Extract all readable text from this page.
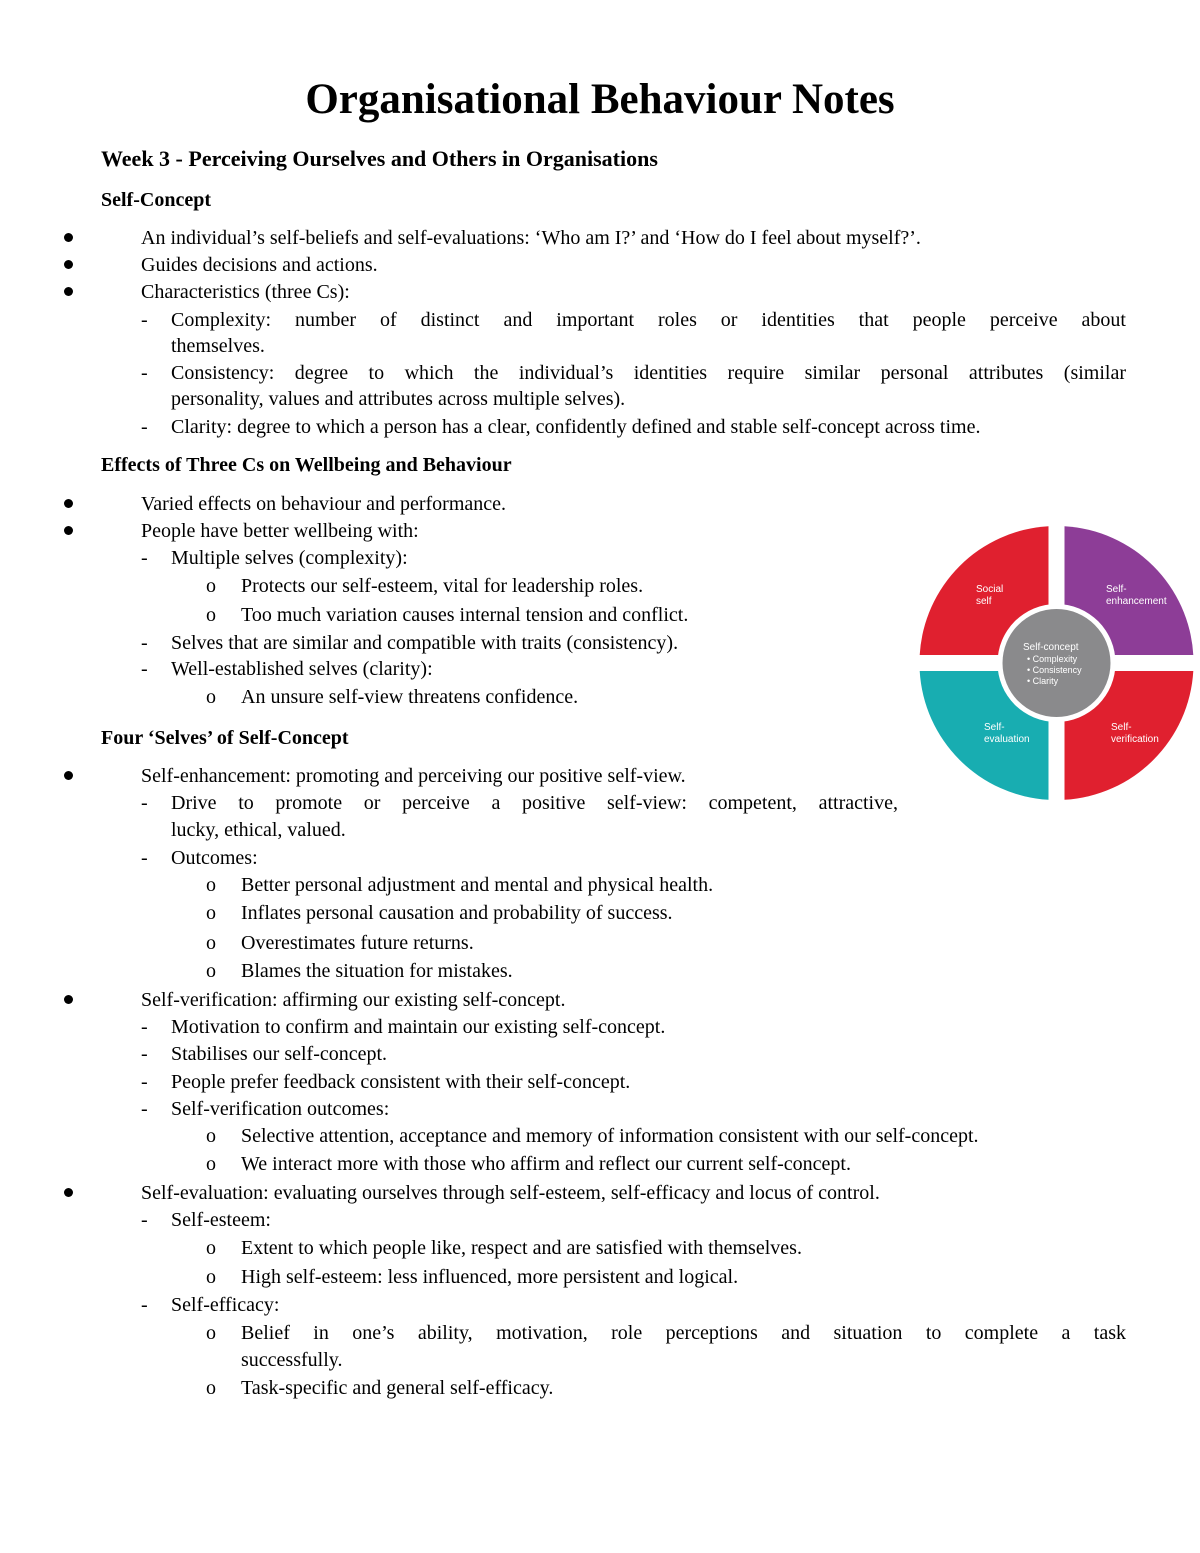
Organisational Behaviour Notes
Week 3 - Perceiving Ourselves and Others in Organisations
Self-Concept
An individual’s self-beliefs and self-evaluations: ‘Who am I?’ and ‘How do I feel about myself?’.
Guides decisions and actions.
Characteristics (three Cs):
- Complexity: number of distinct and important roles or identities that people perceive about
themselves.
- Consistency: degree to which the individual’s identities require similar personal attributes (similar
personality, values and attributes across multiple selves).
- Clarity: degree to which a person has a clear, confidently defined and stable self-concept across time.
Effects of Three Cs on Wellbeing and Behaviour
Varied effects on behaviour and performance.
People have better wellbeing with:
- Multiple selves (complexity):
o Protects our self-esteem, vital for leadership roles.
o Too much variation causes internal tension and conflict.
- Selves that are similar and compatible with traits (consistency).
- Well-established selves (clarity):
o An unsure self-view threatens confidence.
Four ‘Selves’ of Self-Concept
Self-enhancement: promoting and perceiving our positive self-view.
- Drive to promote or perceive a positive self-view: competent, attractive,
lucky, ethical, valued.
- Outcomes:
o Better personal adjustment and mental and physical health.
o Inflates personal causation and probability of success.
o Overestimates future returns.
o Blames the situation for mistakes.
Self-verification: affirming our existing self-concept.
- Motivation to confirm and maintain our existing self-concept.
- Stabilises our self-concept.
- People prefer feedback consistent with their self-concept.
- Self-verification outcomes:
o Selective attention, acceptance and memory of information consistent with our self-concept.
o We interact more with those who affirm and reflect our current self-concept.
Self-evaluation: evaluating ourselves through self-esteem, self-efficacy and locus of control.
- Self-esteem:
o Extent to which people like, respect and are satisfied with themselves.
o High self-esteem: less influenced, more persistent and logical.
- Self-efficacy:
o Belief in one’s ability, motivation, role perceptions and situation to complete a task
successfully.
o Task-specific and general self-efficacy.
Social
self
Self-
enhancement
Self-
evaluation
Self-
verification
Self-concept
• Complexity
• Consistency
• Clarity
